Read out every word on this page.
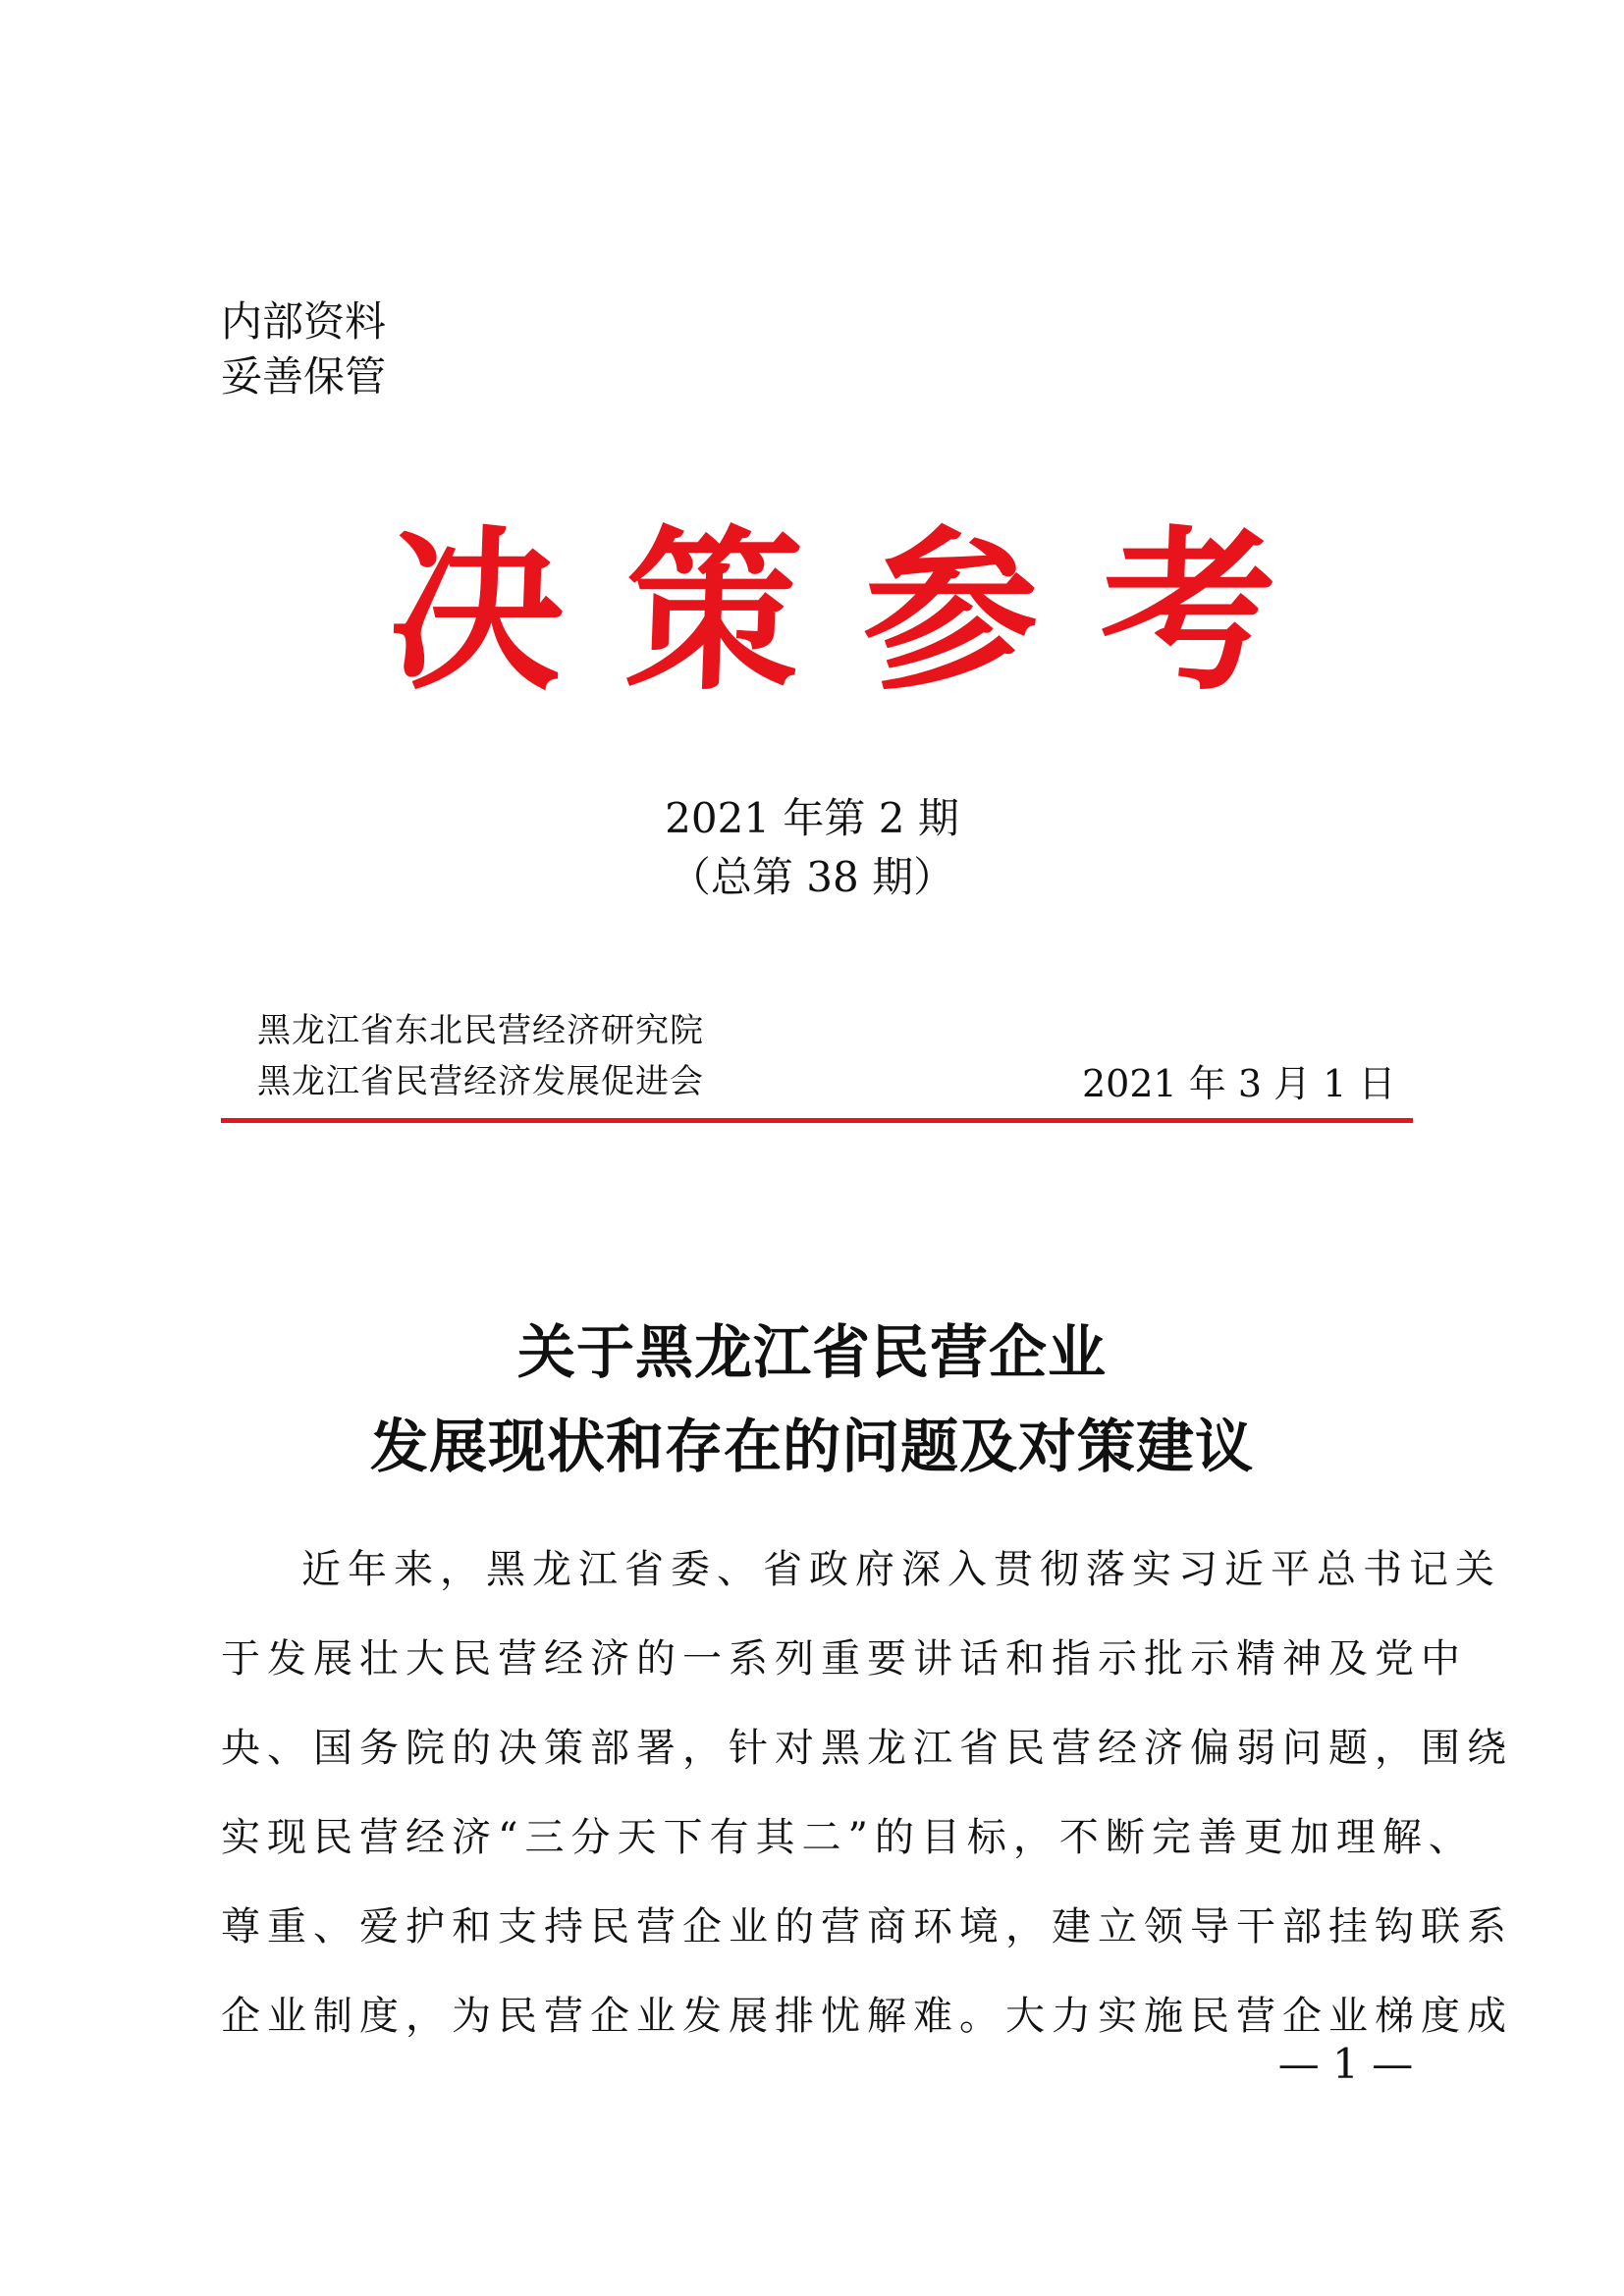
内部资料
妥善保管
决 策 参 考
2021 年第 2 期
（总第 38 期）
黑龙江省东北民营经济研究院
黑龙江省民营经济发展促进会	2021 年 3 月 1 日
关于黑龙江省民营企业
发展现状和存在的问题及对策建议
近年来，黑龙江省委、省政府深入贯彻落实习近平总书记关
于发展壮大民营经济的一系列重要讲话和指示批示精神及党中
央、国务院的决策部署，针对黑龙江省民营经济偏弱问题，围绕
实现民营经济“三分天下有其二”的目标，不断完善更加理解、
尊重、爱护和支持民营企业的营商环境，建立领导干部挂钩联系
企业制度，为民营企业发展排忧解难。大力实施民营企业梯度成
— 1 —
